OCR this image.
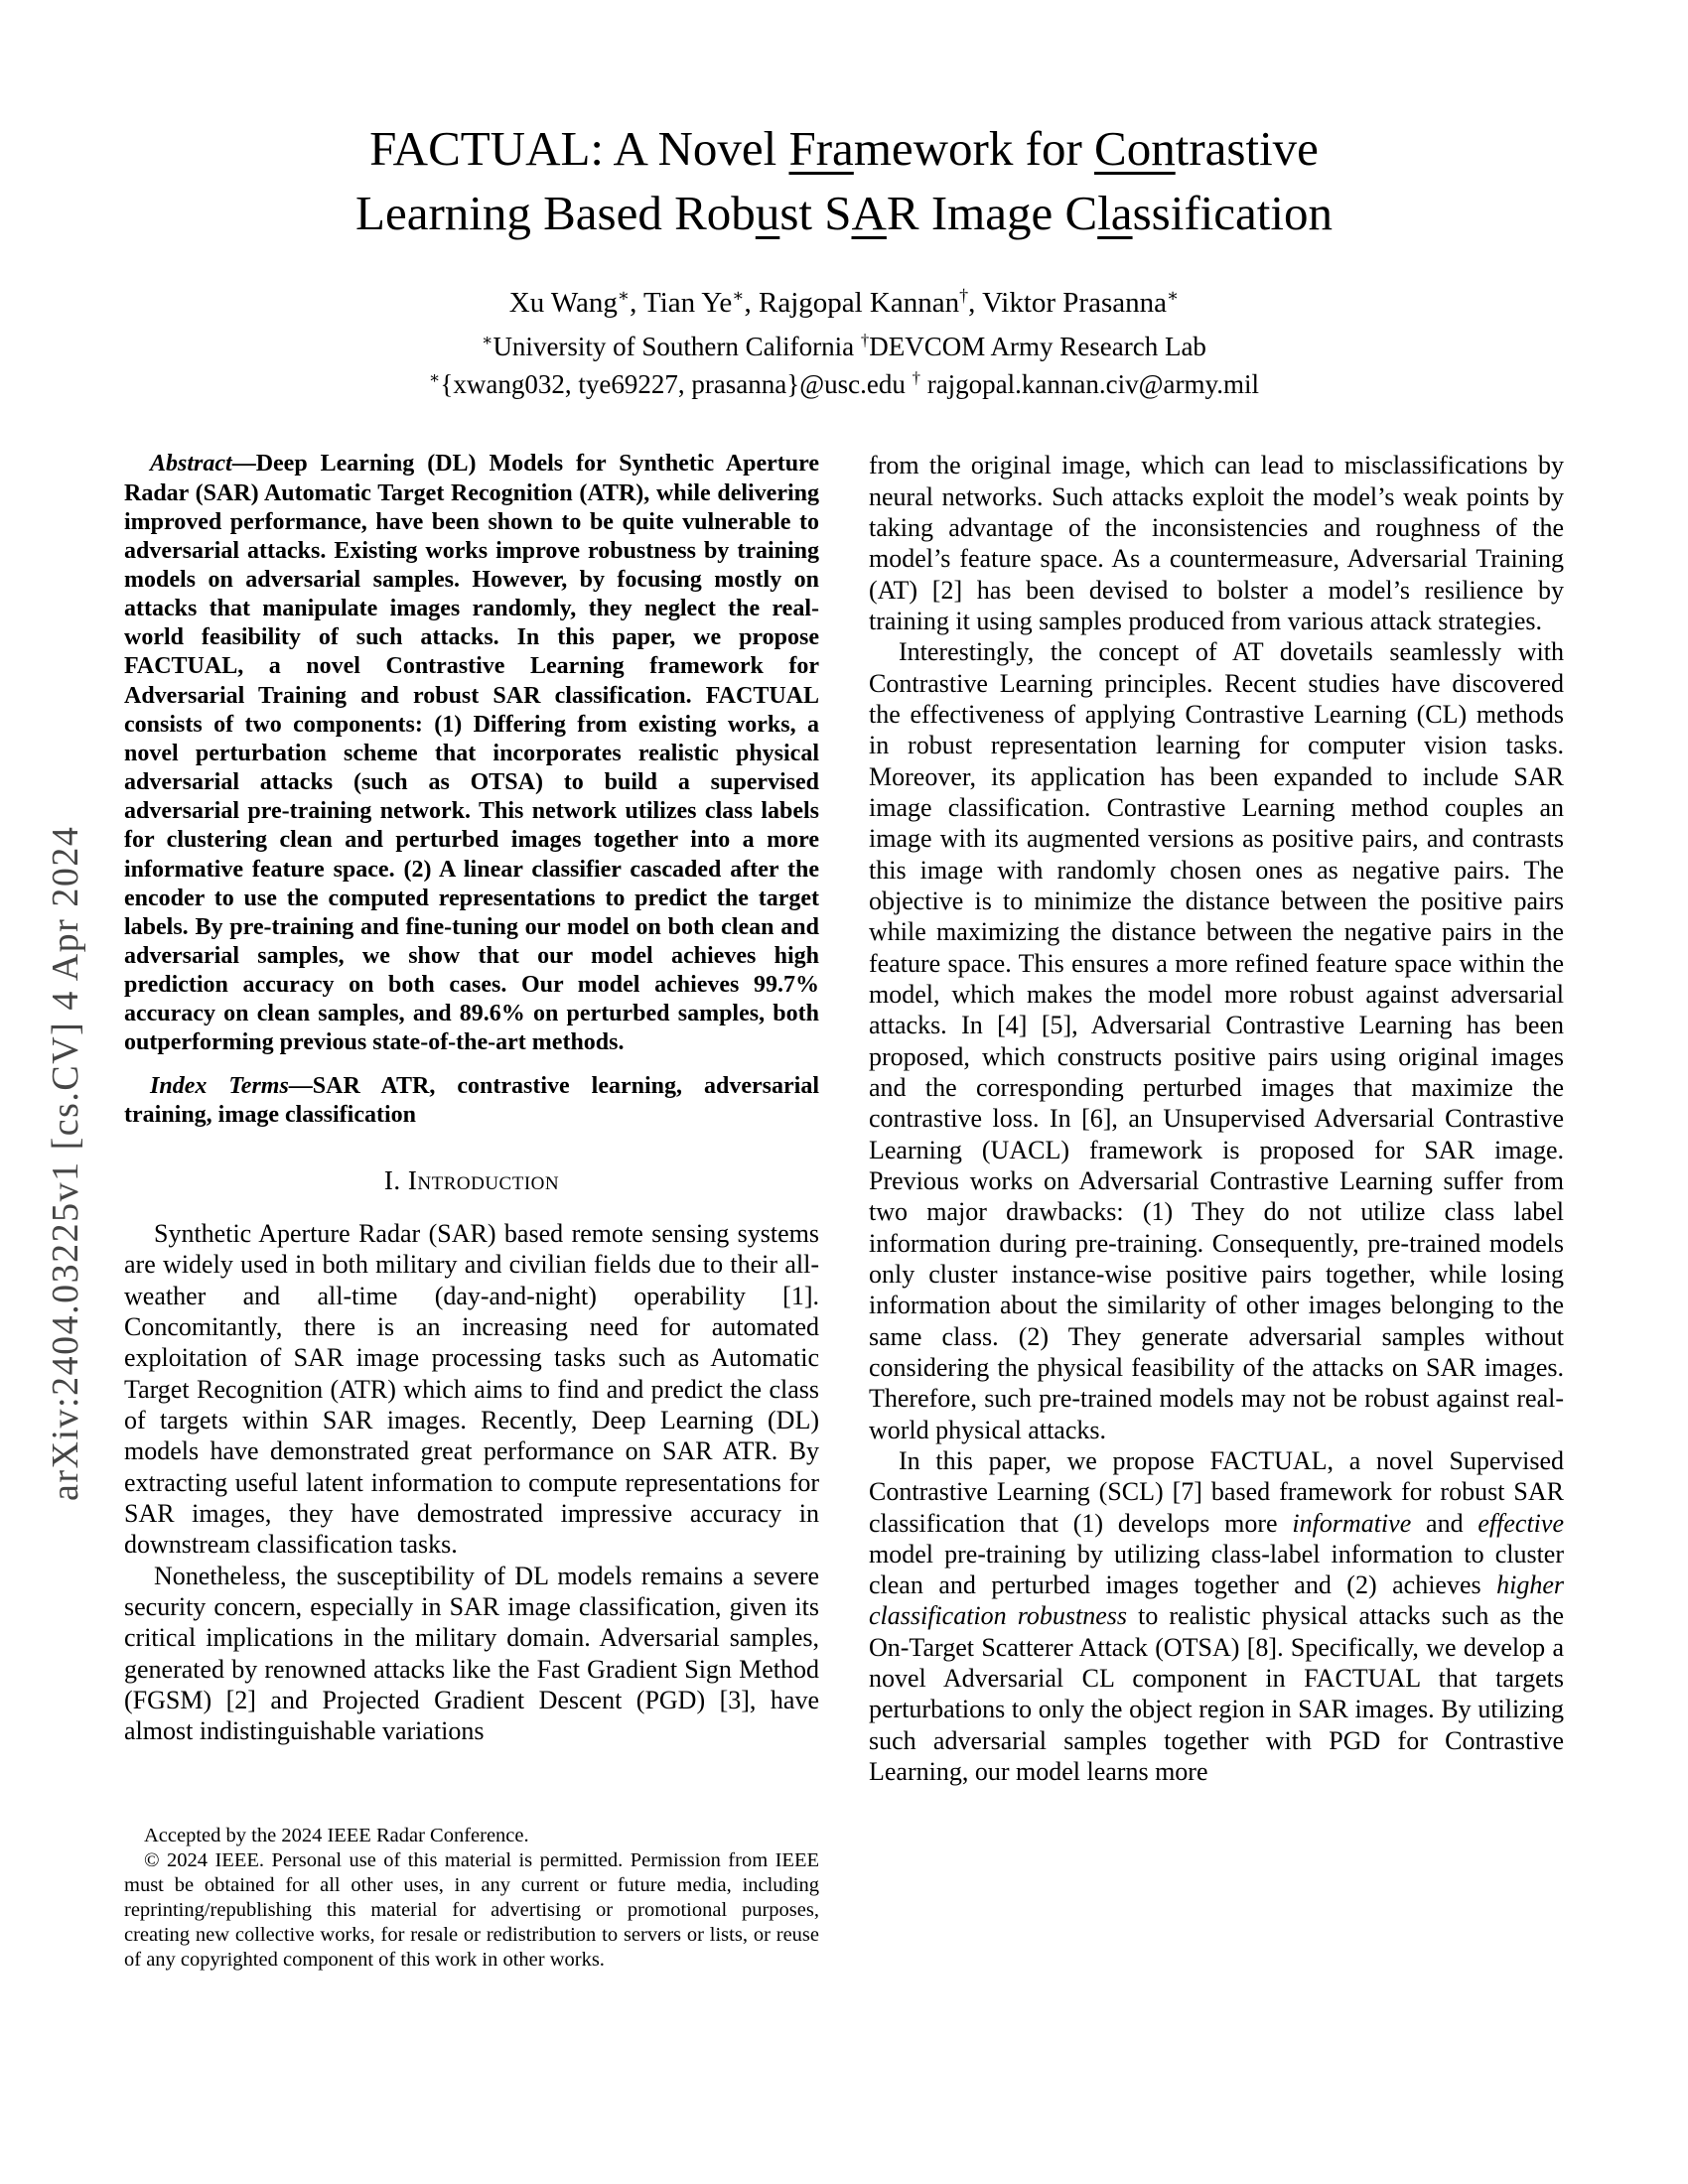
arXiv:2404.03225v1 [cs.CV] 4 Apr 2024
FACTUAL: A Novel Framework for Contrastive
Learning Based Robust SAR Image Classification
Xu Wang∗, Tian Ye∗, Rajgopal Kannan†, Viktor Prasanna∗
∗University of Southern California †DEVCOM Army Research Lab
∗{xwang032, tye69227, prasanna}@usc.edu † rajgopal.kannan.civ@army.mil

Abstract—Deep Learning (DL) Models for Synthetic Aperture Radar (SAR) Automatic Target Recognition (ATR), while delivering improved performance, have been shown to be quite vulnerable to adversarial attacks. Existing works improve robustness by training models on adversarial samples. However, by focusing mostly on attacks that manipulate images randomly, they neglect the real-world feasibility of such attacks. In this paper, we propose FACTUAL, a novel Contrastive Learning framework for Adversarial Training and robust SAR classification. FACTUAL consists of two components: (1) Differing from existing works, a novel perturbation scheme that incorporates realistic physical adversarial attacks (such as OTSA) to build a supervised adversarial pre-training network. This network utilizes class labels for clustering clean and perturbed images together into a more informative feature space. (2) A linear classifier cascaded after the encoder to use the computed representations to predict the target labels. By pre-training and fine-tuning our model on both clean and adversarial samples, we show that our model achieves high prediction accuracy on both cases. Our model achieves 99.7% accuracy on clean samples, and 89.6% on perturbed samples, both outperforming previous state-of-the-art methods.

Index Terms—SAR ATR, contrastive learning, adversarial training, image classification

I. Introduction

Synthetic Aperture Radar (SAR) based remote sensing systems are widely used in both military and civilian fields due to their all-weather and all-time (day-and-night) operability [1]. Concomitantly, there is an increasing need for automated exploitation of SAR image processing tasks such as Automatic Target Recognition (ATR) which aims to find and predict the class of targets within SAR images. Recently, Deep Learning (DL) models have demonstrated great performance on SAR ATR. By extracting useful latent information to compute representations for SAR images, they have demostrated impressive accuracy in downstream classification tasks.

Nonetheless, the susceptibility of DL models remains a severe security concern, especially in SAR image classification, given its critical implications in the military domain. Adversarial samples, generated by renowned attacks like the Fast Gradient Sign Method (FGSM) [2] and Projected Gradient Descent (PGD) [3], have almost indistinguishable variations

Accepted by the 2024 IEEE Radar Conference.

© 2024 IEEE. Personal use of this material is permitted. Permission from IEEE must be obtained for all other uses, in any current or future media, including reprinting/republishing this material for advertising or promotional purposes, creating new collective works, for resale or redistribution to servers or lists, or reuse of any copyrighted component of this work in other works.

from the original image, which can lead to misclassifications by neural networks. Such attacks exploit the model’s weak points by taking advantage of the inconsistencies and roughness of the model’s feature space. As a countermeasure, Adversarial Training (AT) [2] has been devised to bolster a model’s resilience by training it using samples produced from various attack strategies.

Interestingly, the concept of AT dovetails seamlessly with Contrastive Learning principles. Recent studies have discovered the effectiveness of applying Contrastive Learning (CL) methods in robust representation learning for computer vision tasks. Moreover, its application has been expanded to include SAR image classification. Contrastive Learning method couples an image with its augmented versions as positive pairs, and contrasts this image with randomly chosen ones as negative pairs. The objective is to minimize the distance between the positive pairs while maximizing the distance between the negative pairs in the feature space. This ensures a more refined feature space within the model, which makes the model more robust against adversarial attacks. In [4] [5], Adversarial Contrastive Learning has been proposed, which constructs positive pairs using original images and the corresponding perturbed images that maximize the contrastive loss. In [6], an Unsupervised Adversarial Contrastive Learning (UACL) framework is proposed for SAR image. Previous works on Adversarial Contrastive Learning suffer from two major drawbacks: (1) They do not utilize class label information during pre-training. Consequently, pre-trained models only cluster instance-wise positive pairs together, while losing information about the similarity of other images belonging to the same class. (2) They generate adversarial samples without considering the physical feasibility of the attacks on SAR images. Therefore, such pre-trained models may not be robust against real-world physical attacks.

In this paper, we propose FACTUAL, a novel Supervised Contrastive Learning (SCL) [7] based framework for robust SAR classification that (1) develops more informative and effective model pre-training by utilizing class-label information to cluster clean and perturbed images together and (2) achieves higher classification robustness to realistic physical attacks such as the On-Target Scatterer Attack (OTSA) [8]. Specifically, we develop a novel Adversarial CL component in FACTUAL that targets perturbations to only the object region in SAR images. By utilizing such adversarial samples together with PGD for Contrastive Learning, our model learns more
